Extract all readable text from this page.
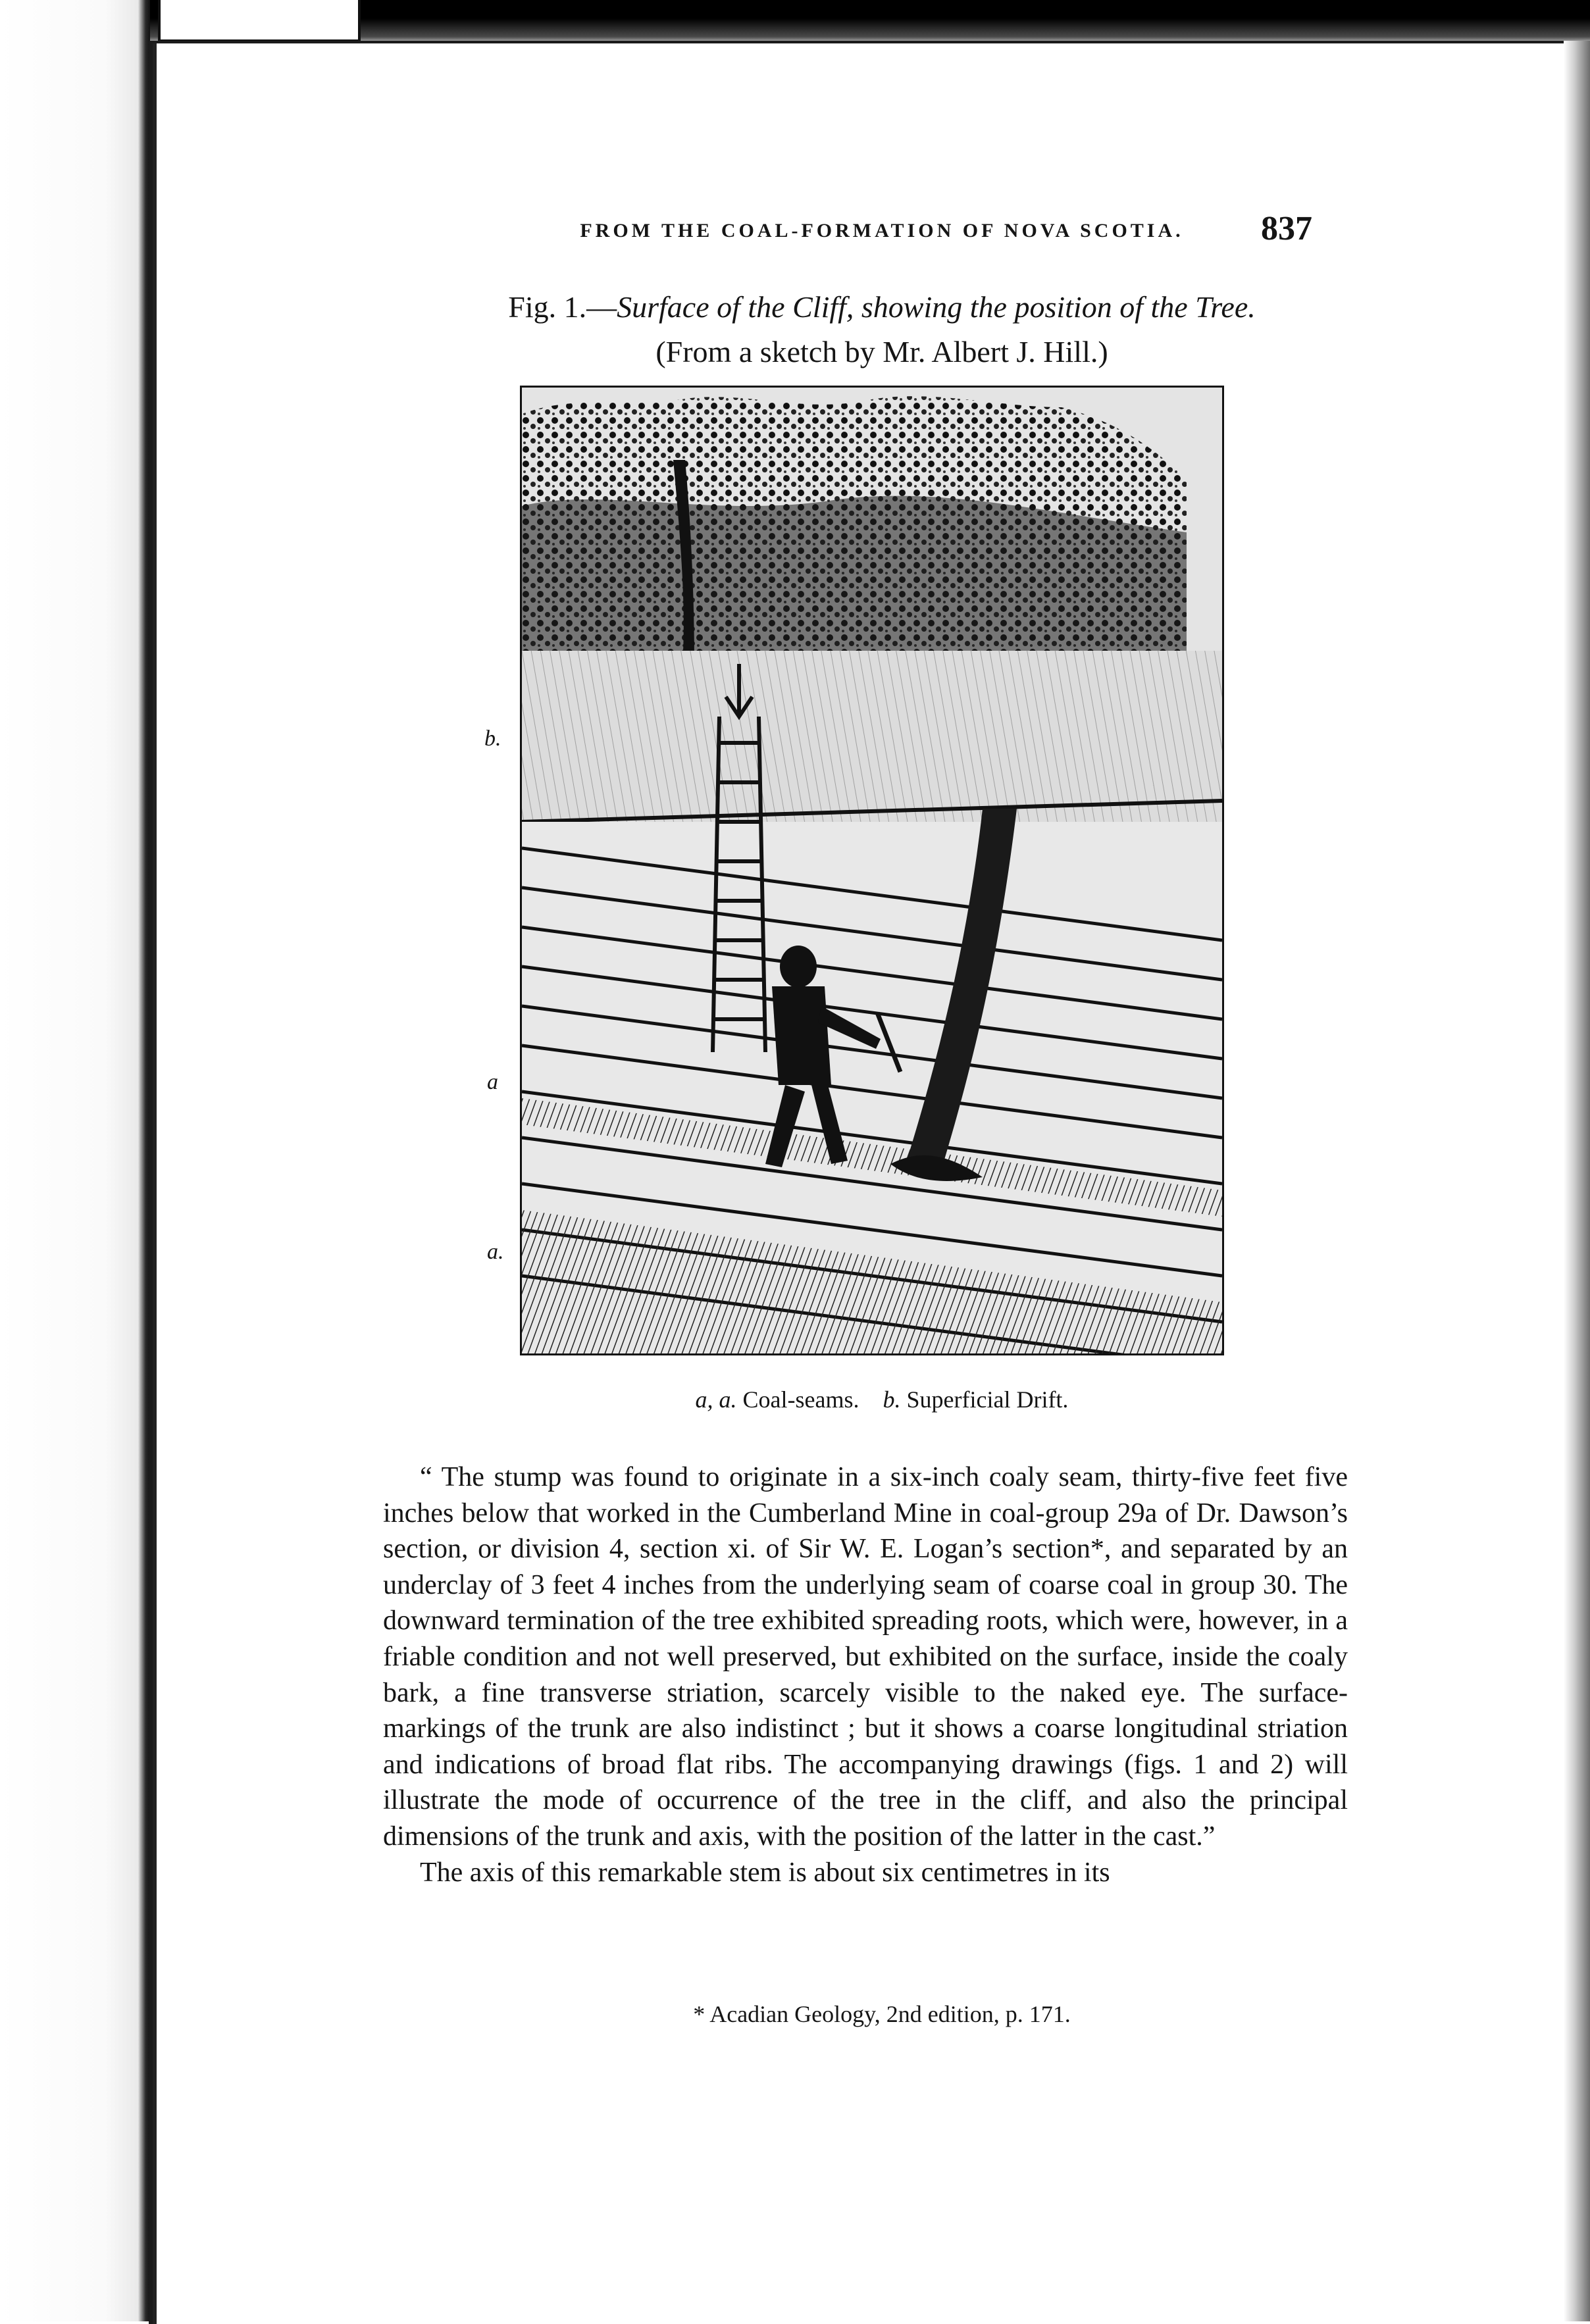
FROM THE COAL-FORMATION OF NOVA SCOTIA.	837
Fig. 1.—Surface of the Cliff, showing the position of the Tree.
(From a sketch by Mr. Albert J. Hill.)
b.
a
a.
a, a. Coal-seams. b. Superficial Drift.

“ The stump was found to originate in a six-inch coaly seam, thirty-five feet five inches below that worked in the Cumberland Mine in coal-group 29a of Dr. Dawson’s section, or division 4, section xi. of Sir W. E. Logan’s section*, and separated by an underclay of 3 feet 4 inches from the underlying seam of coarse coal in group 30. The downward termination of the tree exhibited spreading roots, which were, however, in a friable condition and not well preserved, but exhibited on the surface, inside the coaly bark, a fine transverse striation, scarcely visible to the naked eye. The surface-markings of the trunk are also indistinct ; but it shows a coarse longitudinal striation and indications of broad flat ribs. The accompanying drawings (figs. 1 and 2) will illustrate the mode of occurrence of the tree in the cliff, and also the principal dimensions of the trunk and axis, with the position of the latter in the cast.”

The axis of this remarkable stem is about six centimetres in its

* Acadian Geology, 2nd edition, p. 171.
